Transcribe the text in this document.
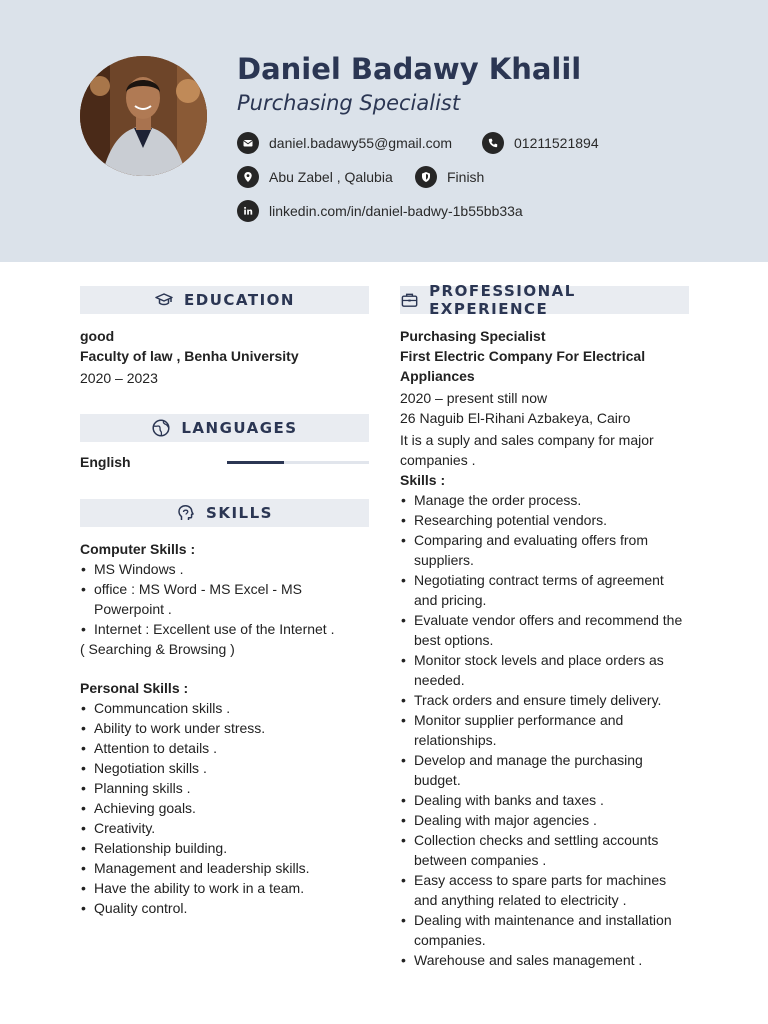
Daniel Badawy Khalil
Purchasing Specialist
daniel.badawy55@gmail.com	01211521894
Abu Zabel , Qalubia	Finish
linkedin.com/in/daniel-badwy-1b55bb33a
EDUCATION
good
Faculty of law , Benha University
2020 – 2023
LANGUAGES
English
SKILLS
Computer Skills :
• MS Windows .
• office : MS Word - MS Excel - MS Powerpoint .
• Internet : Excellent use of the Internet .
( Searching & Browsing )
Personal Skills :
• Communcation skills .
• Ability to work under stress.
• Attention to details .
• Negotiation skills .
• Planning skills .
• Achieving goals.
• Creativity.
• Relationship building.
• Management and leadership skills.
• Have the ability to work in a team.
• Quality control.
PROFESSIONAL EXPERIENCE
Purchasing Specialist
First Electric Company For Electrical Appliances
2020 – present still now
26 Naguib El-Rihani Azbakeya, Cairo
It is a suply and sales company for major companies .
Skills :
• Manage the order process.
• Researching potential vendors.
• Comparing and evaluating offers from suppliers.
• Negotiating contract terms of agreement and pricing.
• Evaluate vendor offers and recommend the best options.
• Monitor stock levels and place orders as needed.
• Track orders and ensure timely delivery.
• Monitor supplier performance and relationships.
• Develop and manage the purchasing budget.
• Dealing with banks and taxes .
• Dealing with major agencies .
• Collection checks and settling accounts between companies .
• Easy access to spare parts for machines and anything related to electricity .
• Dealing with maintenance and installation companies.
• Warehouse and sales management .
